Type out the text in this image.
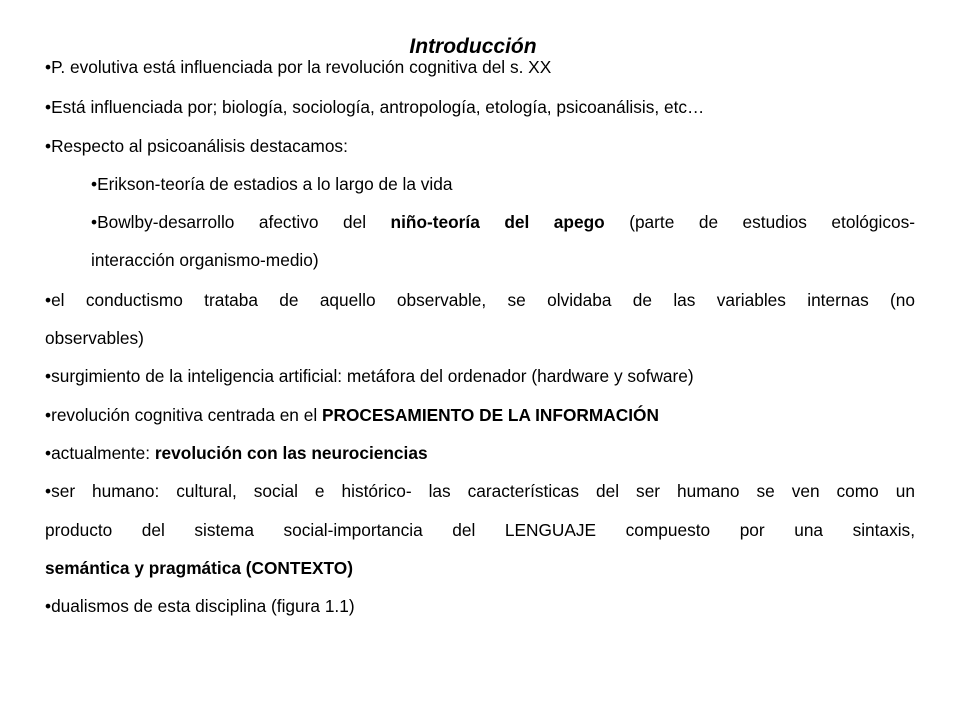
Introducción
•P. evolutiva está influenciada por la revolución cognitiva del s. XX
•Está influenciada por; biología, sociología, antropología, etología, psicoanálisis, etc…
•Respecto al psicoanálisis destacamos:
•Erikson-teoría de estadios a lo largo de la vida
•Bowlby-desarrollo afectivo del niño-teoría del apego (parte de estudios etológicos-
interacción organismo-medio)
•el conductismo trataba de aquello observable, se olvidaba de las variables internas (no
observables)
•surgimiento de la inteligencia artificial: metáfora del ordenador (hardware y sofware)
•revolución cognitiva centrada en el PROCESAMIENTO DE LA INFORMACIÓN
•actualmente: revolución con las neurociencias
•ser humano: cultural, social e histórico- las características del ser humano se ven como un
producto del sistema social-importancia del LENGUAJE compuesto por una sintaxis,
semántica y pragmática (CONTEXTO)
•dualismos de esta disciplina (figura 1.1)
